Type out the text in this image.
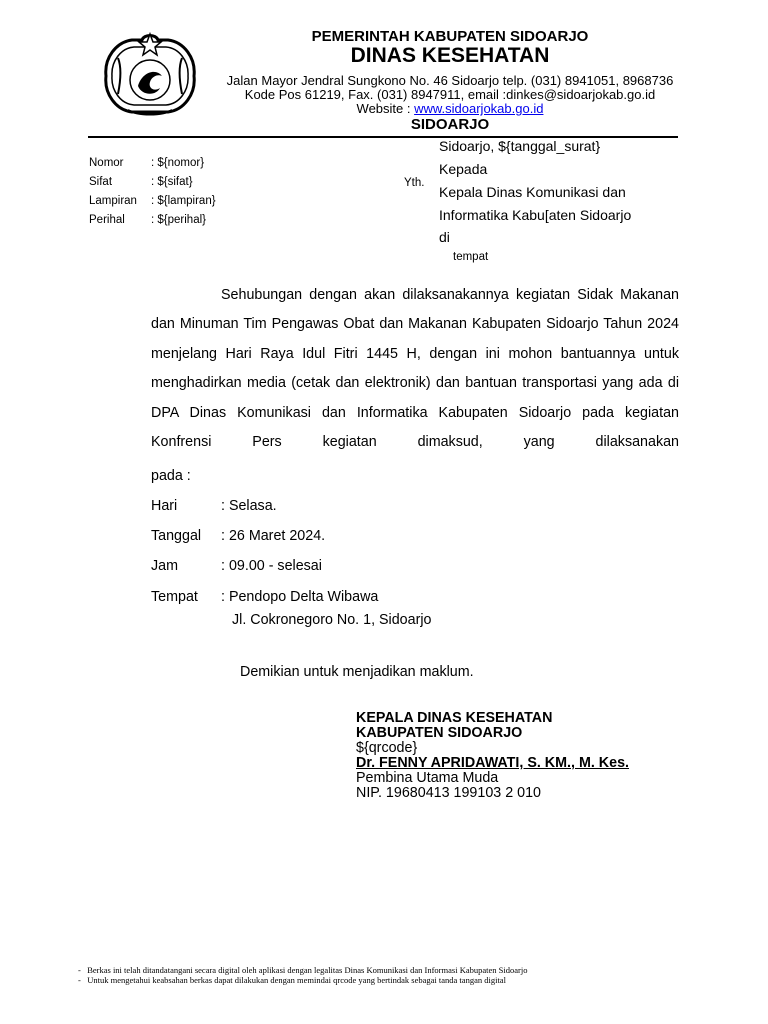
PEMERINTAH KABUPATEN SIDOARJO
DINAS KESEHATAN
Jalan Mayor Jendral Sungkono No. 46 Sidoarjo telp. (031) 8941051, 8968736
Kode Pos 61219, Fax. (031) 8947911, email :dinkes@sidoarjokab.go.id
Website : www.sidoarjokab.go.id
SIDOARJO
Nomor : ${nomor}
Sifat	: ${sifat}
Lampiran : ${lampiran}
Perihal : ${perihal}
Yth.
Sidoarjo, ${tanggal_surat}
Kepada
Kepala Dinas Komunikasi dan
Informatika Kabu[aten Sidoarjo
di
tempat

Sehubungan dengan akan dilaksanakannya kegiatan Sidak Makanan dan Minuman Tim Pengawas Obat dan Makanan Kabupaten Sidoarjo Tahun 2024 menjelang Hari Raya Idul Fitri 1445 H, dengan ini mohon bantuannya untuk menghadirkan media (cetak dan elektronik) dan bantuan transportasi yang ada di DPA Dinas Komunikasi dan Informatika Kabupaten Sidoarjo pada kegiatan Konfrensi Pers kegiatan dimaksud, yang dilaksanakan

pada :
Hari	: Selasa.
Tanggal : 26 Maret 2024.
Jam	: 09.00 - selesai
Tempat : Pendopo Delta Wibawa
Jl. Cokronegoro No. 1, Sidoarjo
Demikian untuk menjadikan maklum.
KEPALA DINAS KESEHATAN
KABUPATEN SIDOARJO
${qrcode}
Dr. FENNY APRIDAWATI, S. KM., M. Kes.
Pembina Utama Muda
NIP. 19680413 199103 2 010
-   Berkas ini telah ditandatangani secara digital oleh aplikasi dengan legalitas Dinas Komunikasi dan Informasi Kabupaten Sidoarjo
-   Untuk mengetahui keabsahan berkas dapat dilakukan dengan memindai qrcode yang bertindak sebagai tanda tangan digital
